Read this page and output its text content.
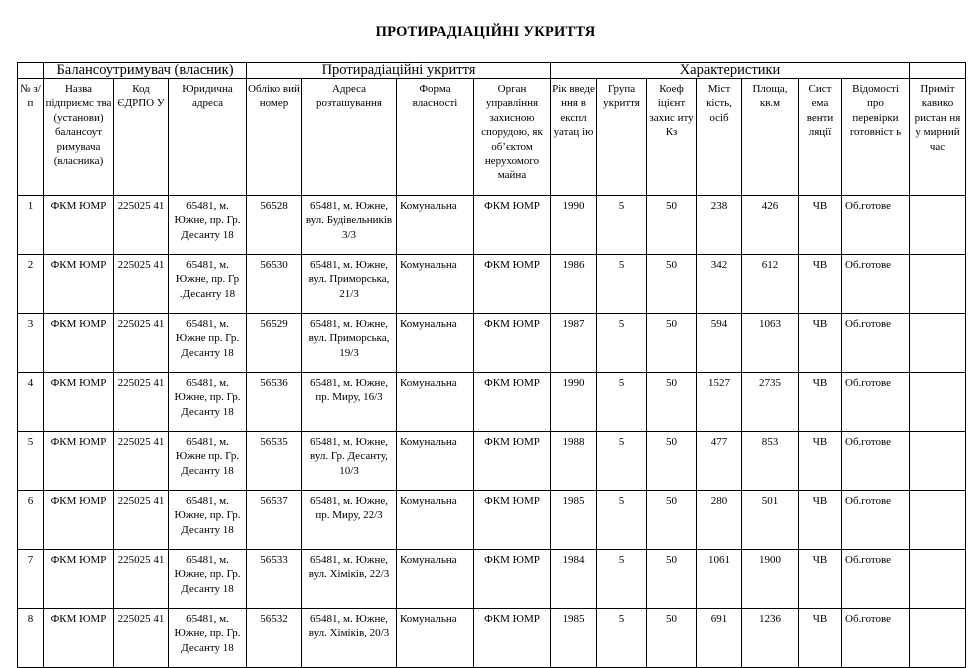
ПРОТИРАДІАЦІЙНІ УКРИТТЯ
	Балансоутримувач (власник)			Протирадіаційні укриття				Характеристики							
№ з/ п	Назва підприємс тва (установи) балансоут римувача (власника)	Код ЄДРПО У	Юридична адреса	Облiко вий номер	Адреса розташування	Форма власності	Орган управління захисною спорудою, як об’єктом нерухомого майна	Рік введе ння в експл уатац ію	Група укриття	Коеф іцієнт захис иту Кз	Міст кість, осіб	Площа, кв.м	Сист ема венти ляції	Відомості про перевірки готовніст ь	Приміт кавико ристан ня у мирний час
1	ФКМ ЮМР	225025 41	65481, м. Южне, пр. Гр. Десанту 18	56528	65481, м. Южне, вул. Будівельників 3/3	Комунальна	ФКМ ЮМР	1990	5	50	238	426	ЧВ	Об.готове	
2	ФКМ ЮМР	225025 41	65481, м. Южне, пр. Гр .Десанту 18	56530	65481, м. Южне, вул. Приморська, 21/3	Комунальна	ФКМ ЮМР	1986	5	50	342	612	ЧВ	Об.готове	
3	ФКМ ЮМР	225025 41	65481, м. Южне пр. Гр. Десанту 18	56529	65481, м. Южне, вул. Приморська, 19/3	Комунальна	ФКМ ЮМР	1987	5	50	594	1063	ЧВ	Об.готове	
4	ФКМ ЮМР	225025 41	65481, м. Южне, пр. Гр. Десанту 18	56536	65481, м. Южне, пр. Миру, 16/3	Комунальна	ФКМ ЮМР	1990	5	50	1527	2735	ЧВ	Об.готове	
5	ФКМ ЮМР	225025 41	65481, м. Южне пр. Гр. Десанту 18	56535	65481, м. Южне, вул. Гр. Десанту, 10/3	Комунальна	ФКМ ЮМР	1988	5	50	477	853	ЧВ	Об.готове	
6	ФКМ ЮМР	225025 41	65481, м. Южне, пр. Гр. Десанту 18	56537	65481, м. Южне, пр. Миру, 22/3	Комунальна	ФКМ ЮМР	1985	5	50	280	501	ЧВ	Об.готове	
7	ФКМ ЮМР	225025 41	65481, м. Южне, пр. Гр. Десанту 18	56533	65481, м. Южне, вул. Хіміків, 22/3	Комунальна	ФКМ ЮМР	1984	5	50	1061	1900	ЧВ	Об.готове	
8	ФКМ ЮМР	225025 41	65481, м. Южне, пр. Гр. Десанту 18	56532	65481, м. Южне, вул. Хіміків, 20/3	Комунальна	ФКМ ЮМР	1985	5	50	691	1236	ЧВ	Об.готове	
